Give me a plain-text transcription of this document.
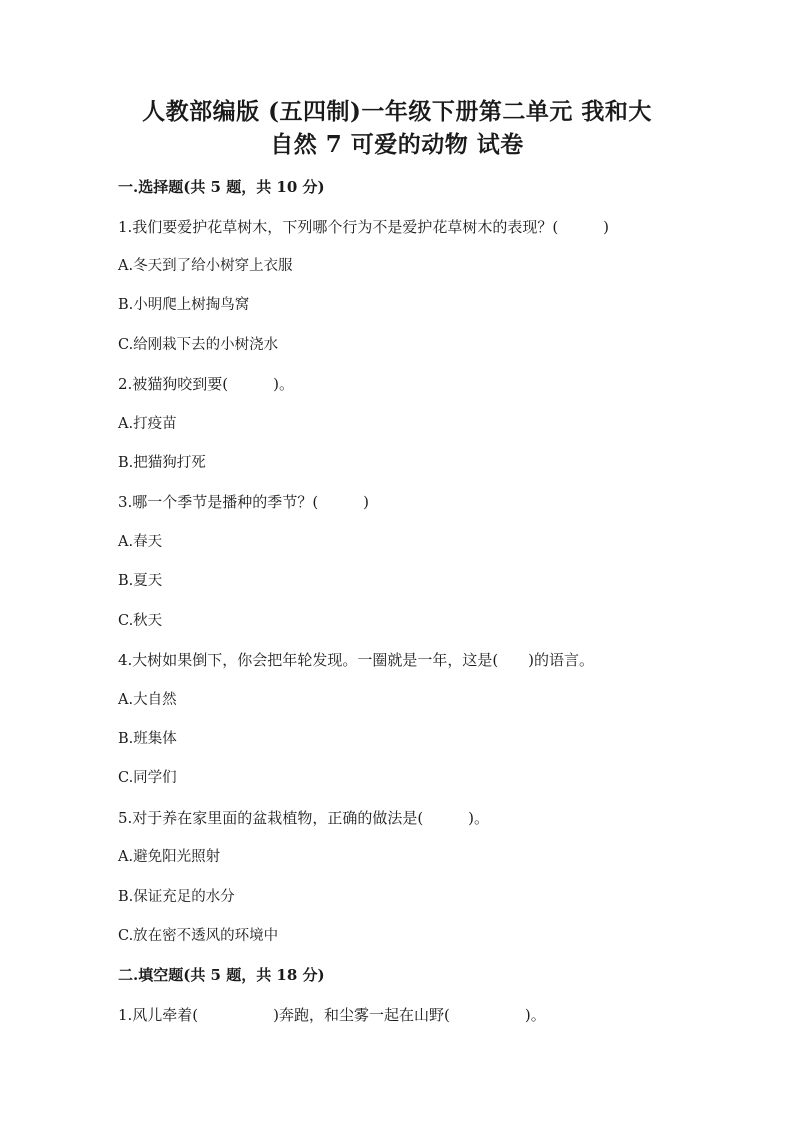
人教部编版 (五四制)一年级下册第二单元 我和大
自然 7 可爱的动物 试卷
一.选择题(共 5 题，共 10 分)
1.我们要爱护花草树木，下列哪个行为不是爱护花草树木的表现？(　　　)
A.冬天到了给小树穿上衣服
B.小明爬上树掏鸟窝
C.给刚栽下去的小树浇水
2.被猫狗咬到要(　　　)。
A.打疫苗
B.把猫狗打死
3.哪一个季节是播种的季节？(　　　)
A.春天
B.夏天
C.秋天
4.大树如果倒下，你会把年轮发现。一圈就是一年，这是(　　)的语言。
A.大自然
B.班集体
C.同学们
5.对于养在家里面的盆栽植物，正确的做法是(　　　)。
A.避免阳光照射
B.保证充足的水分
C.放在密不透风的环境中
二.填空题(共 5 题，共 18 分)
1.风儿牵着(　　　　　)奔跑，和尘雾一起在山野(　　　　　)。
